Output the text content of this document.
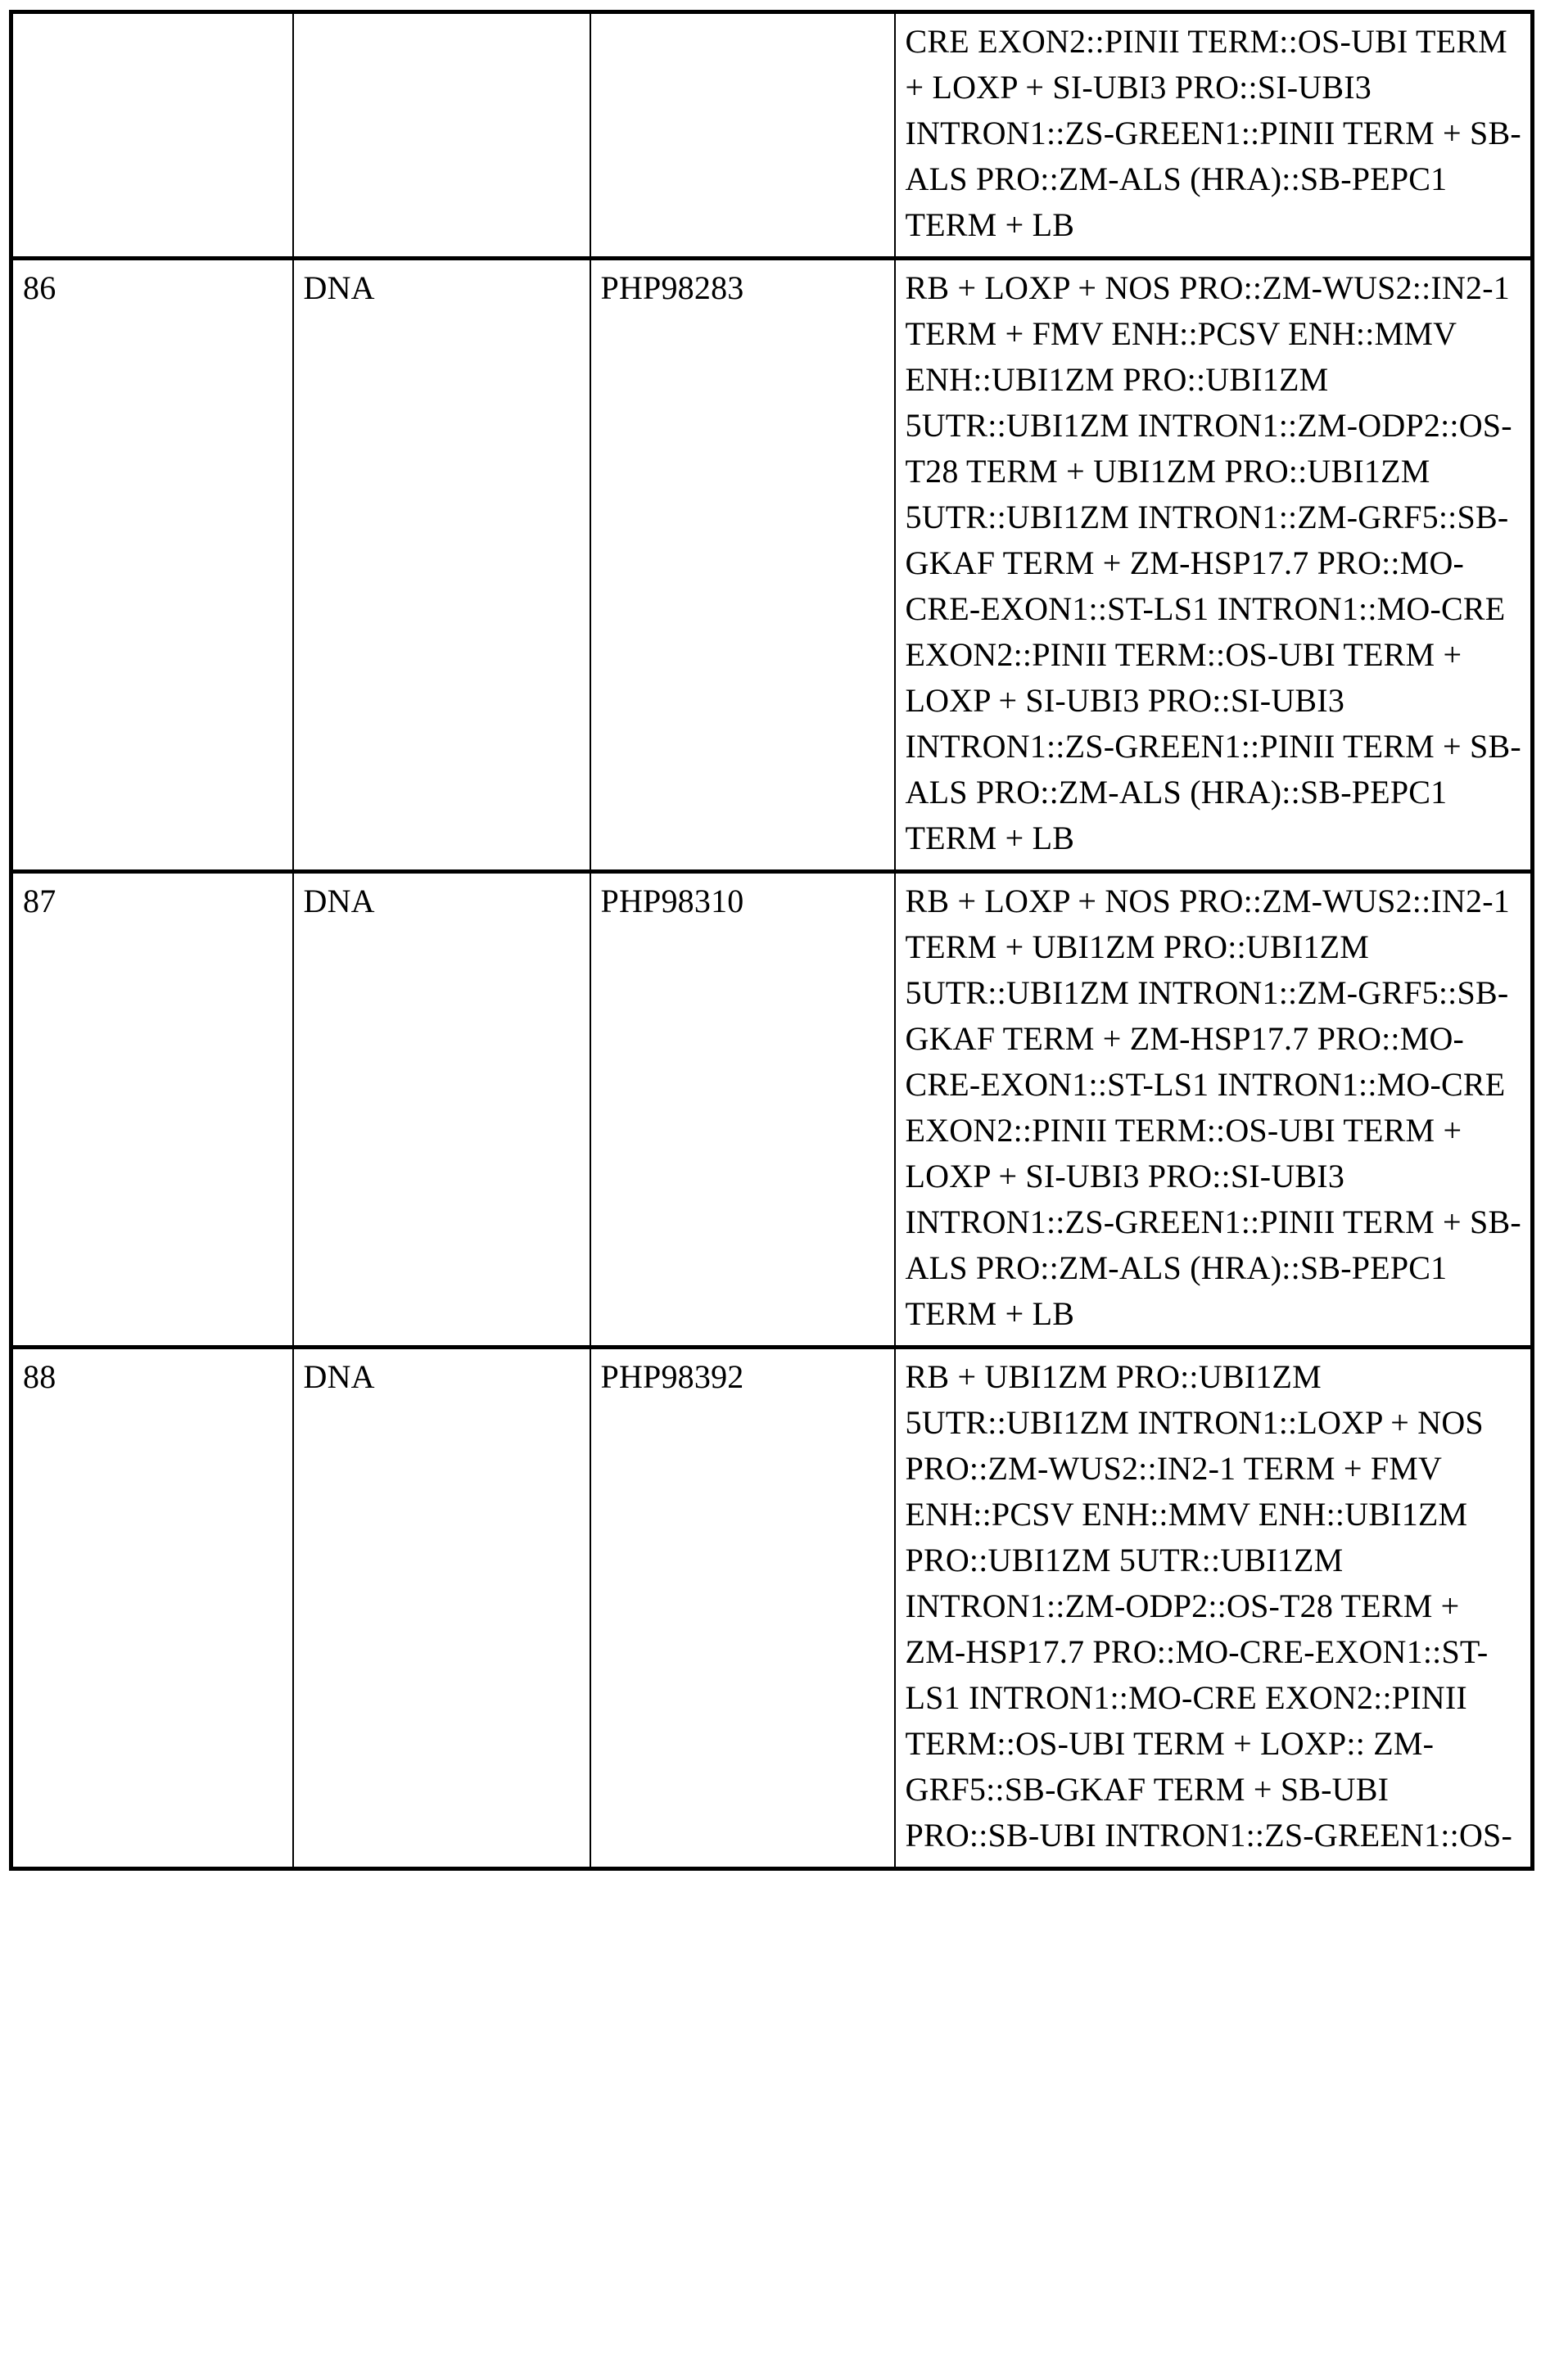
			CRE EXON2::PINII TERM::OS-UBI TERM + LOXP + SI-UBI3 PRO::SI-UBI3 INTRON1::ZS-GREEN1::PINII TERM + SB-ALS PRO::ZM-ALS (HRA)::SB-PEPC1 TERM + LB

86	DNA	PHP98283	RB + LOXP + NOS PRO::ZM-WUS2::IN2-1 TERM + FMV ENH::PCSV ENH::MMV ENH::UBI1ZM PRO::UBI1ZM 5UTR::UBI1ZM INTRON1::ZM-ODP2::OS-T28 TERM + UBI1ZM PRO::UBI1ZM 5UTR::UBI1ZM INTRON1::ZM-GRF5::SB-GKAF TERM + ZM-HSP17.7 PRO::MO-CRE-EXON1::ST-LS1 INTRON1::MO-CRE EXON2::PINII TERM::OS-UBI TERM + LOXP + SI-UBI3 PRO::SI-UBI3 INTRON1::ZS-GREEN1::PINII TERM + SB-ALS PRO::ZM-ALS (HRA)::SB-PEPC1 TERM + LB

87	DNA	PHP98310	RB + LOXP + NOS PRO::ZM-WUS2::IN2-1 TERM + UBI1ZM PRO::UBI1ZM 5UTR::UBI1ZM INTRON1::ZM-GRF5::SB-GKAF TERM + ZM-HSP17.7 PRO::MO-CRE-EXON1::ST-LS1 INTRON1::MO-CRE EXON2::PINII TERM::OS-UBI TERM + LOXP + SI-UBI3 PRO::SI-UBI3 INTRON1::ZS-GREEN1::PINII TERM + SB-ALS PRO::ZM-ALS (HRA)::SB-PEPC1 TERM + LB

88	DNA	PHP98392	RB + UBI1ZM PRO::UBI1ZM 5UTR::UBI1ZM INTRON1::LOXP + NOS PRO::ZM-WUS2::IN2-1 TERM + FMV ENH::PCSV ENH::MMV ENH::UBI1ZM PRO::UBI1ZM 5UTR::UBI1ZM INTRON1::ZM-ODP2::OS-T28 TERM + ZM-HSP17.7 PRO::MO-CRE-EXON1::ST-LS1 INTRON1::MO-CRE EXON2::PINII TERM::OS-UBI TERM + LOXP:: ZM-GRF5::SB-GKAF TERM + SB-UBI PRO::SB-UBI INTRON1::ZS-GREEN1::OS-
